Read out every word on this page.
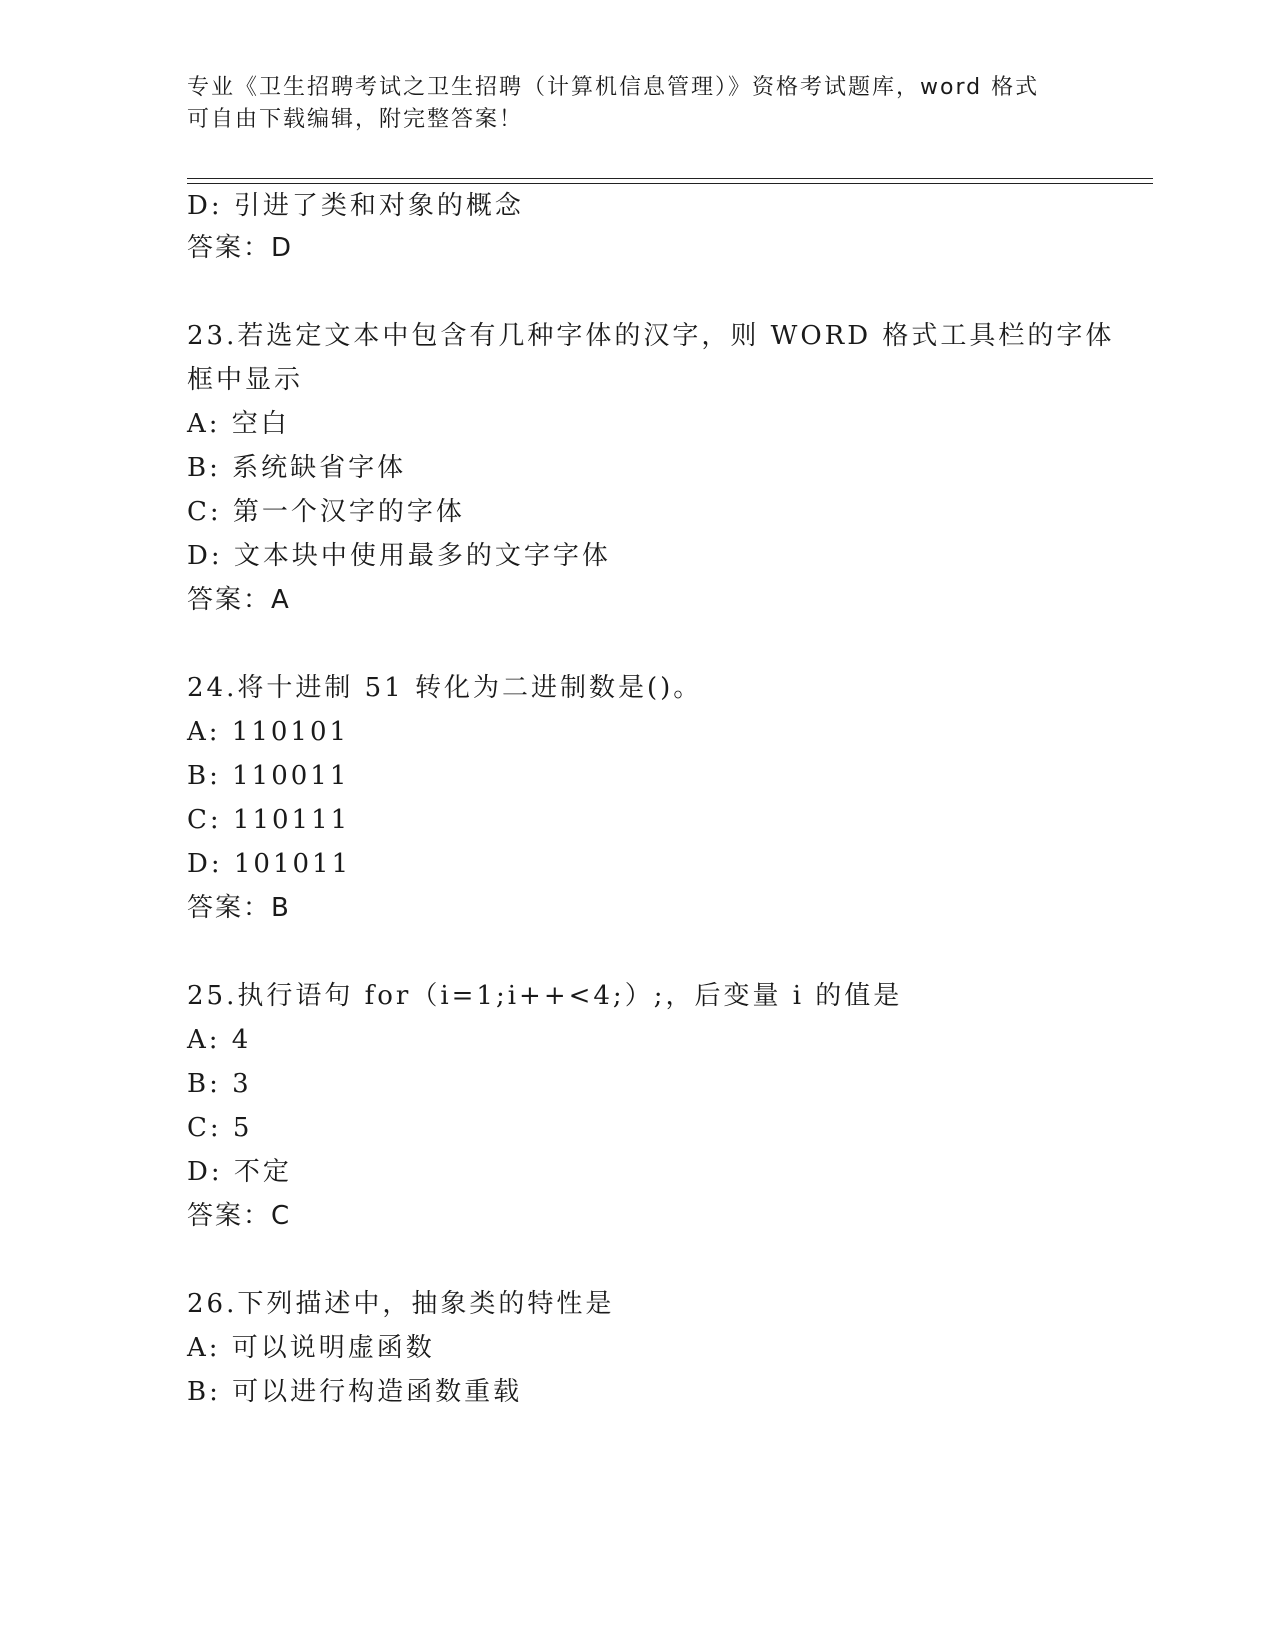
专业《卫生招聘考试之卫生招聘（计算机信息管理）》资格考试题库，word 格式
可自由下载编辑，附完整答案！
D: 引进了类和对象的概念
答案：D
23.若选定文本中包含有几种字体的汉字，则 WORD 格式工具栏的字体
框中显示
A: 空白
B: 系统缺省字体
C: 第一个汉字的字体
D: 文本块中使用最多的文字字体
答案：A
24.将十进制 51 转化为二进制数是()。
A: 110101
B: 110011
C: 110111
D: 101011
答案：B
25.执行语句 for（i=1;i++<4;）;，后变量 i 的值是
A: 4
B: 3
C: 5
D: 不定
答案：C
26.下列描述中，抽象类的特性是
A: 可以说明虚函数
B: 可以进行构造函数重载
